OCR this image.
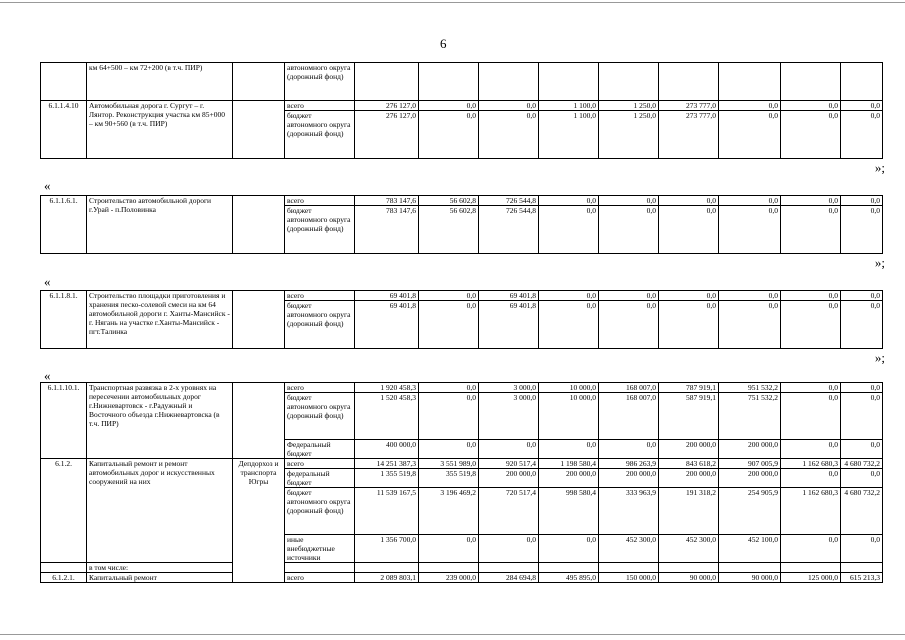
6
	км 64+500 – км 72+200 (в т.ч. ПИР)		автономного округа (дорожный фонд)									
6.1.1.4.10	Автомобильная дорога г. Сургут – г. Лянтор. Реконструкция участка км 85+000 – км 90+560 (в т.ч. ПИР)		всего	276 127,0	0,0	0,0	1 100,0	1 250,0	273 777,0	0,0	0,0	0,0
			бюджет автономного округа (дорожный фонд)	276 127,0	0,0	0,0	1 100,0	1 250,0	273 777,0	0,0	0,0	0,0
»;
«
6.1.1.6.1.	Строительство автомобильной дороги г.Урай - п.Половинка		всего	783 147,6	56 602,8	726 544,8	0,0	0,0	0,0	0,0	0,0	0,0
			бюджет автономного округа (дорожный фонд)	783 147,6	56 602,8	726 544,8	0,0	0,0	0,0	0,0	0,0	0,0
»;
«
6.1.1.8.1.	Строительство площадки приготовления и хранения песко-солевой смеси на км 64 автомобильной дороги г. Ханты-Мансийск - г. Нягань на участке г.Ханты-Мансийск - пгт.Талинка		всего	69 401,8	0,0	69 401,8	0,0	0,0	0,0	0,0	0,0	0,0
			бюджет автономного округа (дорожный фонд)	69 401,8	0,0	69 401,8	0,0	0,0	0,0	0,0	0,0	0,0
»;
«
6.1.1.10.1.	Транспортная развязка в 2-х уровнях на пересечении автомобильных дорог г.Нижневартовск - г.Радужный и Восточного объезда г.Нижневартовска (в т.ч. ПИР)		всего	1 920 458,3	0,0	3 000,0	10 000,0	168 007,0	787 919,1	951 532,2	0,0	0,0
			бюджет автономного округа (дорожный фонд)	1 520 458,3	0,0	3 000,0	10 000,0	168 007,0	587 919,1	751 532,2	0,0	0,0
			Федеральный бюджет	400 000,0	0,0	0,0	0,0	0,0	200 000,0	200 000,0	0,0	0,0
6.1.2.	Капитальный ремонт и ремонт автомобильных дорог и искусственных сооружений на них	Депдорхоз и транспорта Югры	всего	14 251 387,3	3 551 989,0	920 517,4	1 198 580,4	986 263,9	843 618,2	907 005,9	1 162 680,3	4 680 732,2
			федеральный бюджет	1 355 519,8	355 519,8	200 000,0	200 000,0	200 000,0	200 000,0	200 000,0	0,0	0,0
			бюджет автономного округа (дорожный фонд)	11 539 167,5	3 196 469,2	720 517,4	998 580,4	333 963,9	191 318,2	254 905,9	1 162 680,3	4 680 732,2
			иные внебюджетные источники	1 356 700,0	0,0	0,0	0,0	452 300,0	452 300,0	452 100,0	0,0	0,0
	в том числе:											
6.1.2.1.	Капитальный ремонт		всего	2 089 803,1	239 000,0	284 694,8	495 895,0	150 000,0	90 000,0	90 000,0	125 000,0	615 213,3
